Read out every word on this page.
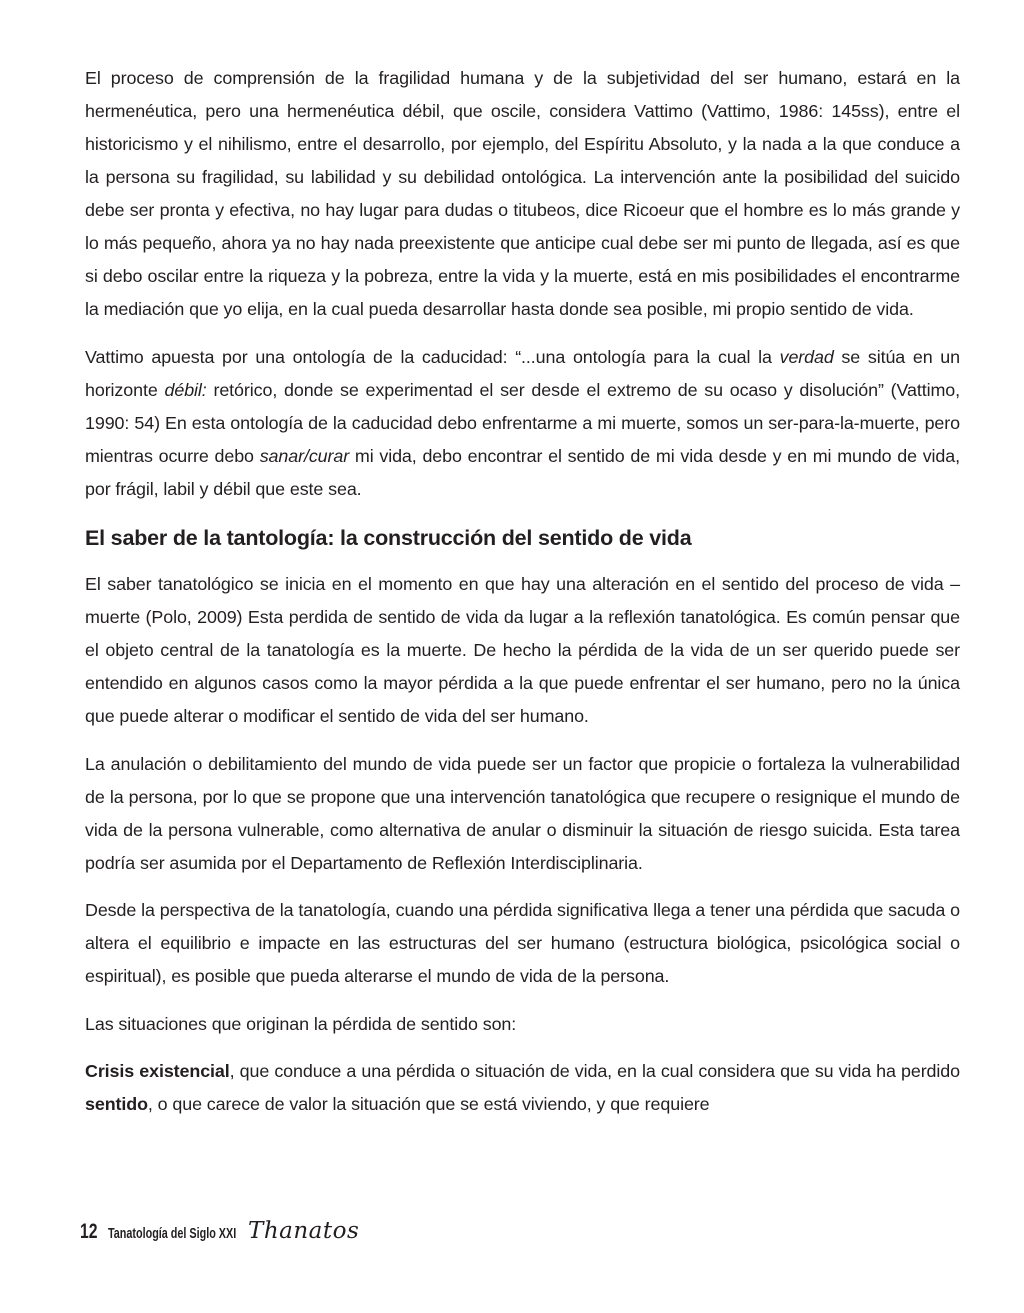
El proceso de comprensión de la fragilidad humana y de la subjetividad del ser humano, estará en la hermenéutica, pero una hermenéutica débil, que oscile, considera Vattimo (Vattimo, 1986: 145ss), entre el historicismo y el nihilismo, entre el desarrollo, por ejemplo, del Espíritu Absoluto, y la nada a la que conduce a la persona su fragilidad, su labilidad y su debilidad ontológica. La intervención ante la posibilidad del suicido debe ser pronta y efectiva, no hay lugar para dudas o titubeos, dice Ricoeur que el hombre es lo más grande y lo más pequeño, ahora ya no hay nada preexistente que anticipe cual debe ser mi punto de llegada, así es que si debo oscilar entre la riqueza y la pobreza, entre la vida y la muerte, está en mis posibilidades el encontrarme la mediación que yo elija, en la cual pueda desarrollar hasta donde sea posible, mi propio sentido de vida.

Vattimo apuesta por una ontología de la caducidad: “...una ontología para la cual la verdad se sitúa en un horizonte débil: retórico, donde se experimentad el ser desde el extremo de su ocaso y disolución” (Vattimo, 1990: 54) En esta ontología de la caducidad debo enfrentarme a mi muerte, somos un ser-para-la-muerte, pero mientras ocurre debo sanar/curar mi vida, debo encontrar el sentido de mi vida desde y en mi mundo de vida, por frágil, labil y débil que este sea.

El saber de la tantología: la construcción del sentido de vida

El saber tanatológico se inicia en el momento en que hay una alteración en el sentido del proceso de vida – muerte (Polo, 2009) Esta perdida de sentido de vida da lugar a la reflexión tanatológica. Es común pensar que el objeto central de la tanatología es la muerte. De hecho la pérdida de la vida de un ser querido puede ser entendido en algunos casos como la mayor pérdida a la que puede enfrentar el ser humano, pero no la única que puede alterar o modificar el sentido de vida del ser humano.

La anulación o debilitamiento del mundo de vida puede ser un factor que propicie o fortaleza la vulnerabilidad de la persona, por lo que se propone que una intervención tanatológica que recupere o resignique el mundo de vida de la persona vulnerable, como alternativa de anular o disminuir la situación de riesgo suicida. Esta tarea podría ser asumida por el Departamento de Reflexión Interdisciplinaria.

Desde la perspectiva de la tanatología, cuando una pérdida significativa llega a tener una pérdida que sacuda o altera el equilibrio e impacte en las estructuras del ser humano (estructura biológica, psicológica social o espiritual), es posible que pueda alterarse el mundo de vida de la persona.

Las situaciones que originan la pérdida de sentido son:

Crisis existencial, que conduce a una pérdida o situación de vida, en la cual considera que su vida ha perdido sentido, o que carece de valor la situación que se está viviendo, y que requiere

12 Tanatología del Siglo XXI Thanatos
